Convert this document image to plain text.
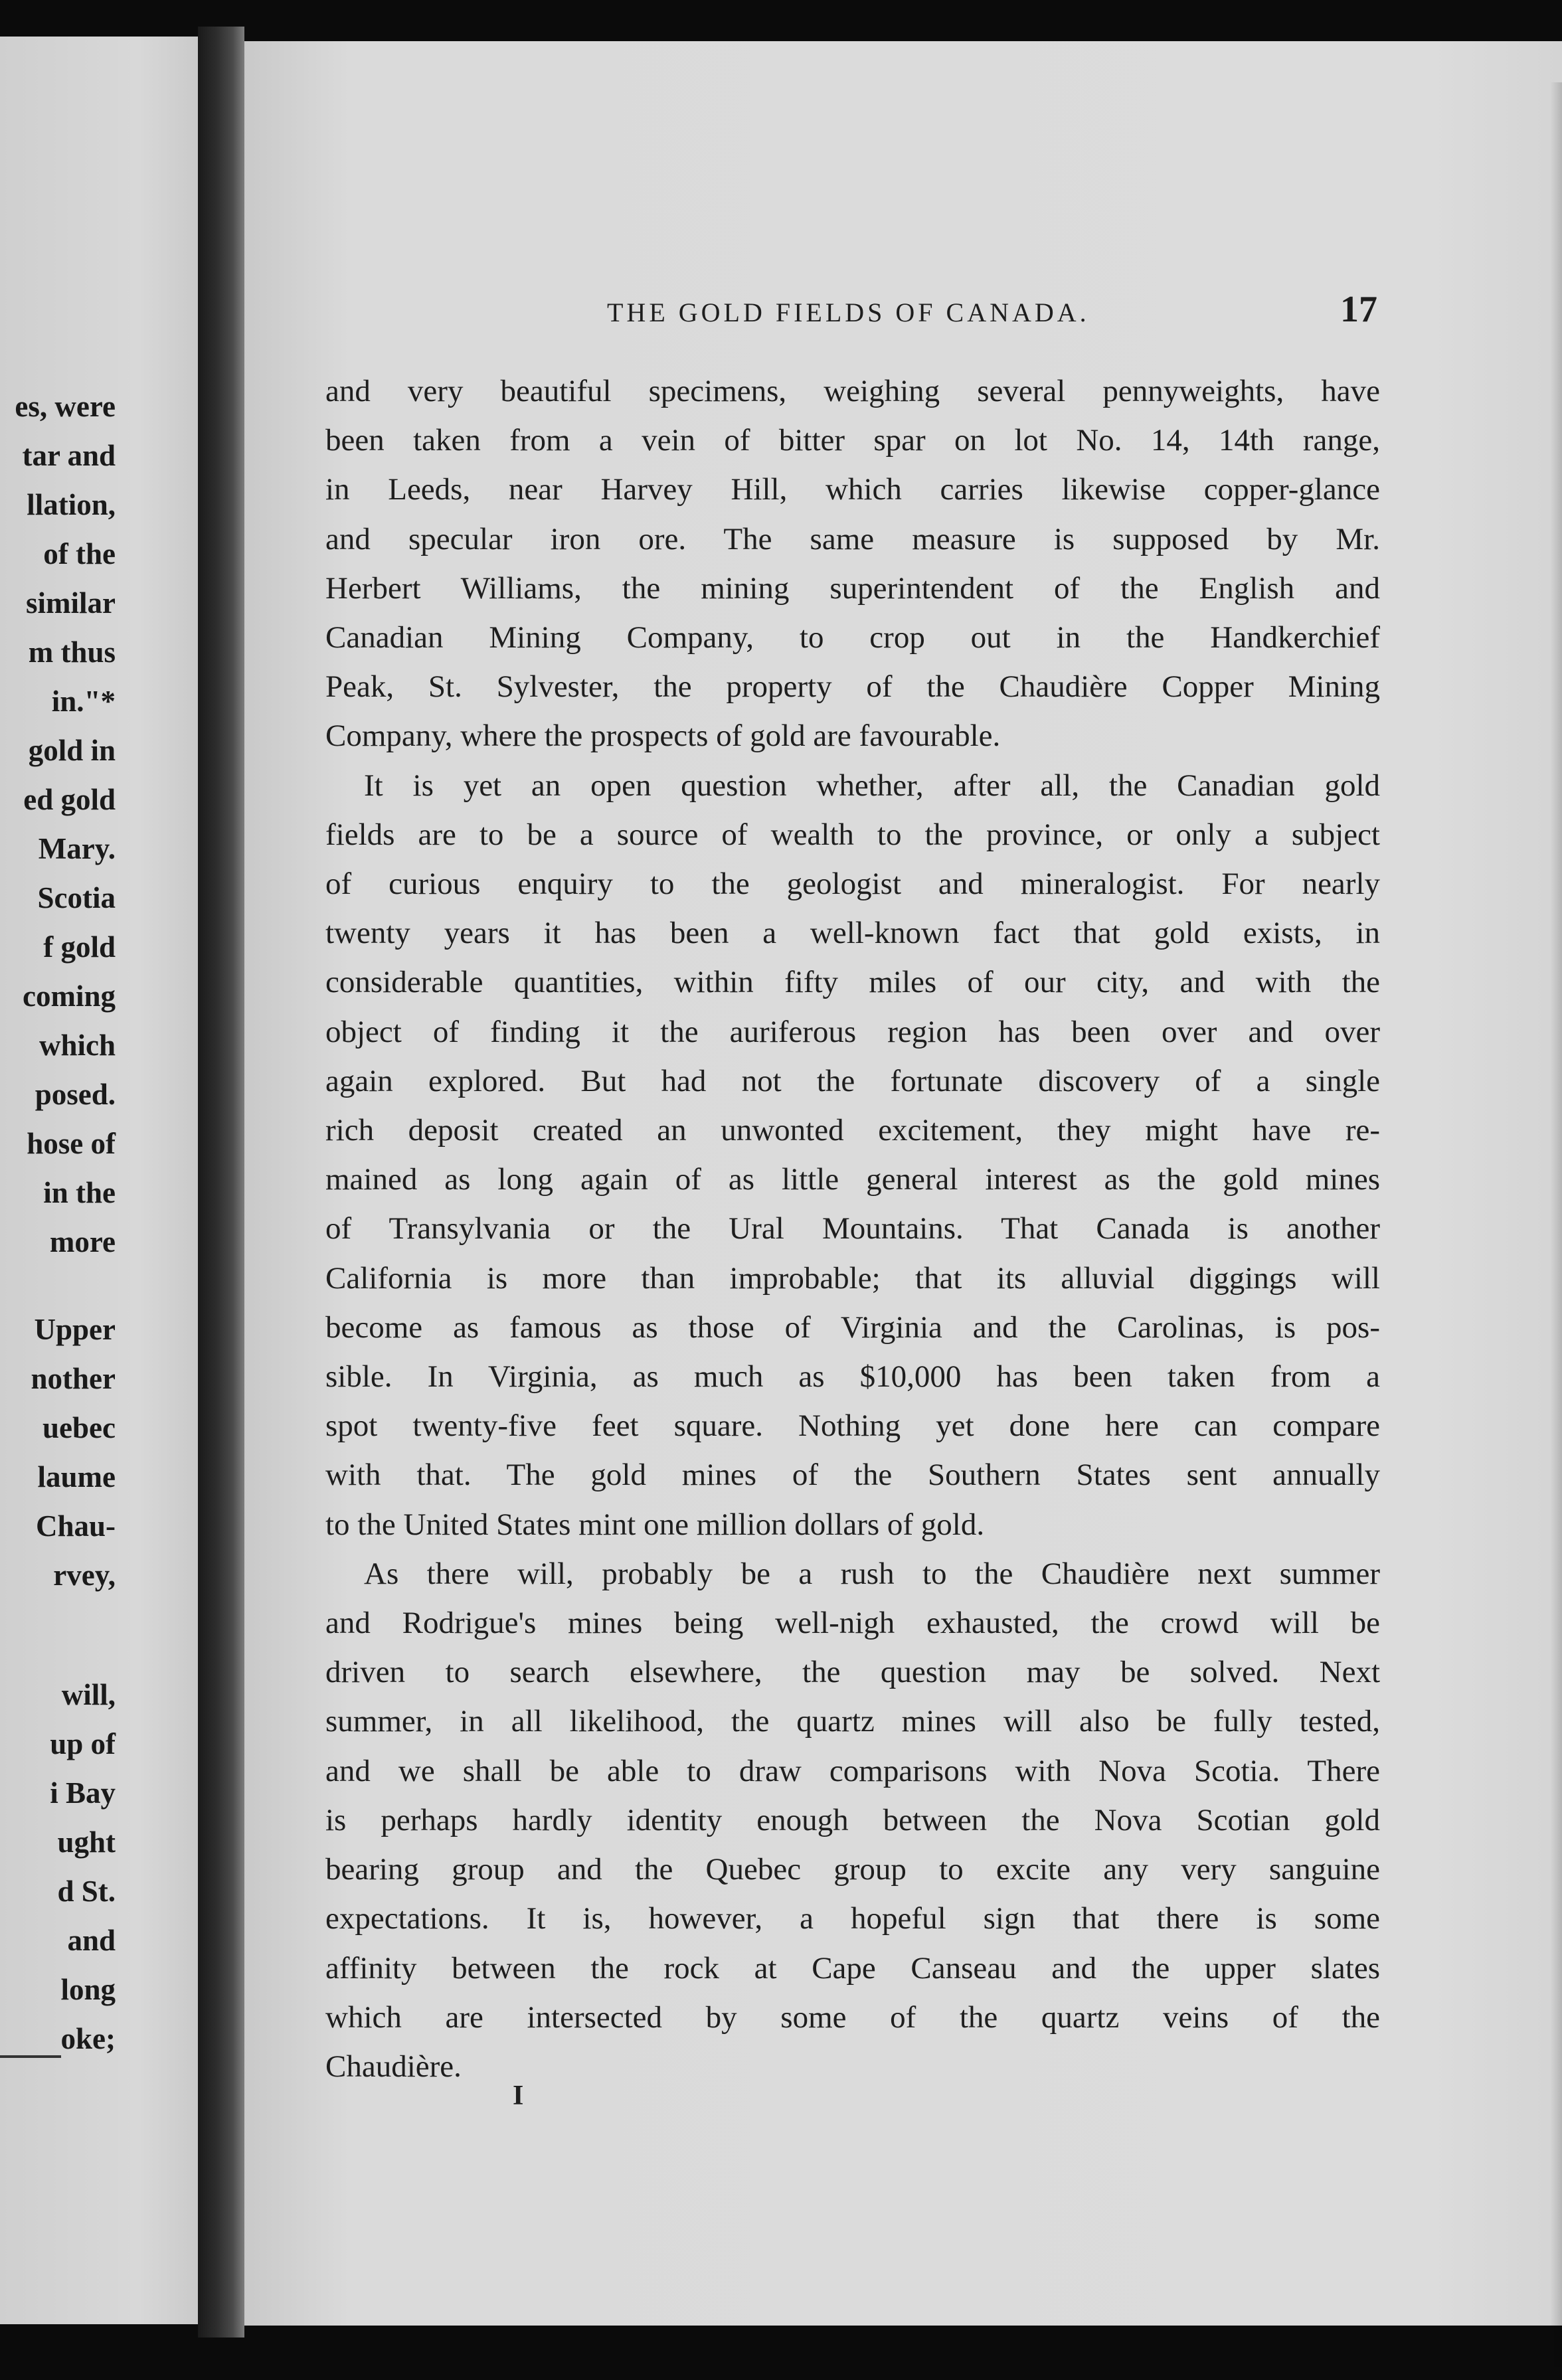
es, were
tar and
llation,
of the
similar
m thus
in."*
gold in
ed gold
Mary.
Scotia
f gold
coming
which
posed.
hose of
in the
more
Upper
nother
uebec
laume
Chau-
rvey,
will,
up of
i Bay
ught
d St.
and
long
oke;
THE GOLD FIELDS OF CANADA.	17

and very beautiful specimens, weighing several pennyweights, have
been taken from a vein of bitter spar on lot No. 14, 14th range,
in Leeds, near Harvey Hill, which carries likewise copper-glance
and specular iron ore. The same measure is supposed by Mr.
Herbert Williams, the mining superintendent of the English and
Canadian Mining Company, to crop out in the Handkerchief
Peak, St. Sylvester, the property of the Chaudière Copper Mining
Company, where the prospects of gold are favourable.

It is yet an open question whether, after all, the Canadian gold
fields are to be a source of wealth to the province, or only a subject
of curious enquiry to the geologist and mineralogist. For nearly
twenty years it has been a well-known fact that gold exists, in
considerable quantities, within fifty miles of our city, and with the
object of finding it the auriferous region has been over and over
again explored. But had not the fortunate discovery of a single
rich deposit created an unwonted excitement, they might have re-
mained as long again of as little general interest as the gold mines
of Transylvania or the Ural Mountains. That Canada is another
California is more than improbable; that its alluvial diggings will
become as famous as those of Virginia and the Carolinas, is pos-
sible. In Virginia, as much as $10,000 has been taken from a
spot twenty-five feet square. Nothing yet done here can compare
with that. The gold mines of the Southern States sent annually
to the United States mint one million dollars of gold.

As there will, probably be a rush to the Chaudière next summer
and Rodrigue's mines being well-nigh exhausted, the crowd will be
driven to search elsewhere, the question may be solved. Next
summer, in all likelihood, the quartz mines will also be fully tested,
and we shall be able to draw comparisons with Nova Scotia. There
is perhaps hardly identity enough between the Nova Scotian gold
bearing group and the Quebec group to excite any very sanguine
expectations. It is, however, a hopeful sign that there is some
affinity between the rock at Cape Canseau and the upper slates
which are intersected by some of the quartz veins of the
Chaudière.

I
